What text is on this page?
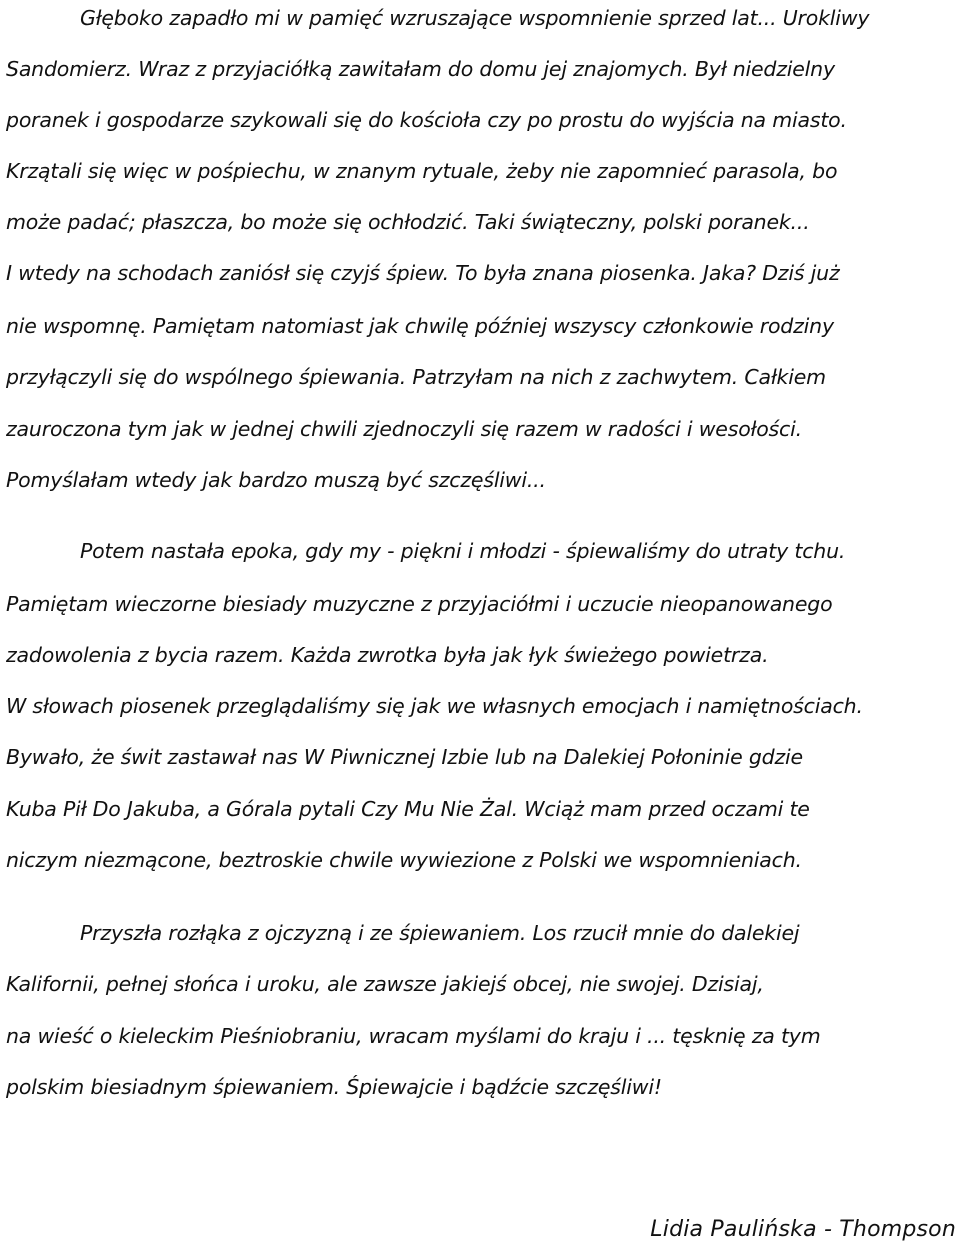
Głęboko zapadło mi w pamięć wzruszające wspomnienie sprzed lat... Urokliwy
Sandomierz. Wraz z przyjaciółką zawitałam do domu jej znajomych. Był niedzielny
poranek i gospodarze szykowali się do kościoła czy po prostu do wyjścia na miasto.
Krzątali się więc w pośpiechu, w znanym rytuale, żeby nie zapomnieć parasola, bo
może padać; płaszcza, bo może się ochłodzić. Taki świąteczny, polski poranek...
I wtedy na schodach zaniósł się czyjś śpiew. To była znana piosenka. Jaka? Dziś już
nie wspomnę. Pamiętam natomiast jak chwilę później wszyscy członkowie rodziny
przyłączyli się do wspólnego śpiewania. Patrzyłam na nich z zachwytem. Całkiem
zauroczona tym jak w jednej chwili zjednoczyli się razem w radości i wesołości.
Pomyślałam wtedy jak bardzo muszą być szczęśliwi...
Potem nastała epoka, gdy my - piękni i młodzi - śpiewaliśmy do utraty tchu.
Pamiętam wieczorne biesiady muzyczne z przyjaciółmi i uczucie nieopanowanego
zadowolenia z bycia razem. Każda zwrotka była jak łyk świeżego powietrza.
W słowach piosenek przeglądaliśmy się jak we własnych emocjach i namiętnościach.
Bywało, że świt zastawał nas W Piwnicznej Izbie lub na Dalekiej Połoninie gdzie
Kuba Pił Do Jakuba, a Górala pytali Czy Mu Nie Żal. Wciąż mam przed oczami te
niczym niezmącone, beztroskie chwile wywiezione z Polski we wspomnieniach.
Przyszła rozłąka z ojczyzną i ze śpiewaniem. Los rzucił mnie do dalekiej
Kalifornii, pełnej słońca i uroku, ale zawsze jakiejś obcej, nie swojej. Dzisiaj,
na wieść o kieleckim Pieśniobraniu, wracam myślami do kraju i ... tęsknię za tym
polskim biesiadnym śpiewaniem. Śpiewajcie i bądźcie szczęśliwi!
Lidia Paulińska - Thompson
